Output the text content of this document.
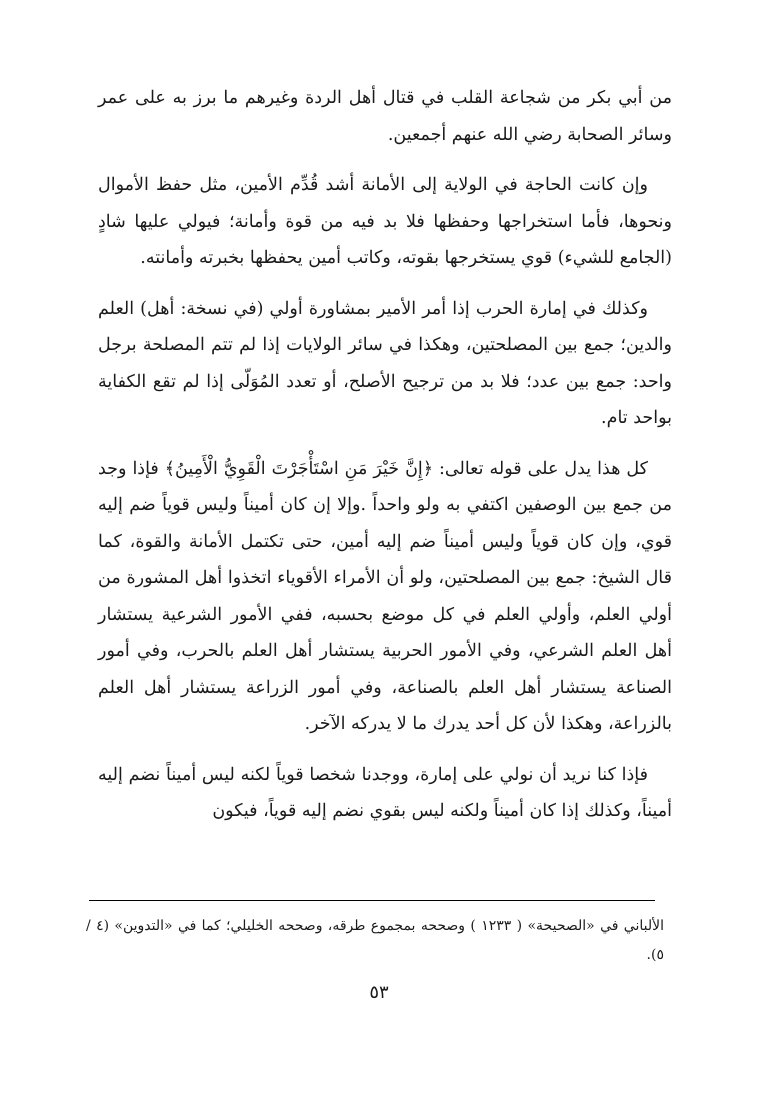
من أبي بكر من شجاعة القلب في قتال أهل الردة وغيرهم ما برز به على عمر وسائر الصحابة رضي الله عنهم أجمعين.

وإن كانت الحاجة في الولاية إلى الأمانة أشد قُدِّم الأمين، مثل حفظ الأموال ونحوها، فأما استخراجها وحفظها فلا بد فيه من قوة وأمانة؛ فيولي عليها شادٍ (الجامع للشيء) قوي يستخرجها بقوته، وكاتب أمين يحفظها بخبرته وأمانته.

وكذلك في إمارة الحرب إذا أمر الأمير بمشاورة أولي (في نسخة: أهل) العلم والدين؛ جمع بين المصلحتين، وهكذا في سائر الولايات إذا لم تتم المصلحة برجل واحد: جمع بين عدد؛ فلا بد من ترجيح الأصلح، أو تعدد المُوَلّى إذا لم تقع الكفاية بواحد تام.

كل هذا يدل على قوله تعالى: ﴿إِنَّ خَيْرَ مَنِ اسْتَأْجَرْتَ الْقَوِيُّ الْأَمِينُ﴾ فإذا وجد من جمع بين الوصفين اكتفي به ولو واحداً .وإلا إن كان أميناً وليس قوياً ضم إليه قوي، وإن كان قوياً وليس أميناً ضم إليه أمين، حتى تكتمل الأمانة والقوة، كما قال الشيخ: جمع بين المصلحتين، ولو أن الأمراء الأقوياء اتخذوا أهل المشورة من أولي العلم، وأولي العلم في كل موضع بحسبه، ففي الأمور الشرعية يستشار أهل العلم الشرعي، وفي الأمور الحربية يستشار أهل العلم بالحرب، وفي أمور الصناعة يستشار أهل العلم بالصناعة، وفي أمور الزراعة يستشار أهل العلم بالزراعة، وهكذا لأن كل أحد يدرك ما لا يدركه الآخر.

فإذا كنا نريد أن نولي على إمارة، ووجدنا شخصا قوياً لكنه ليس أميناً نضم إليه أميناً، وكذلك إذا كان أميناً ولكنه ليس بقوي نضم إليه قوياً، فيكون

الألباني في «الصحيحة» ( ١٢٣٣ ) وصححه بمجموع طرقه، وصححه الخليلي؛ كما في «التدوين» (٤ / ٥).

٥٣
